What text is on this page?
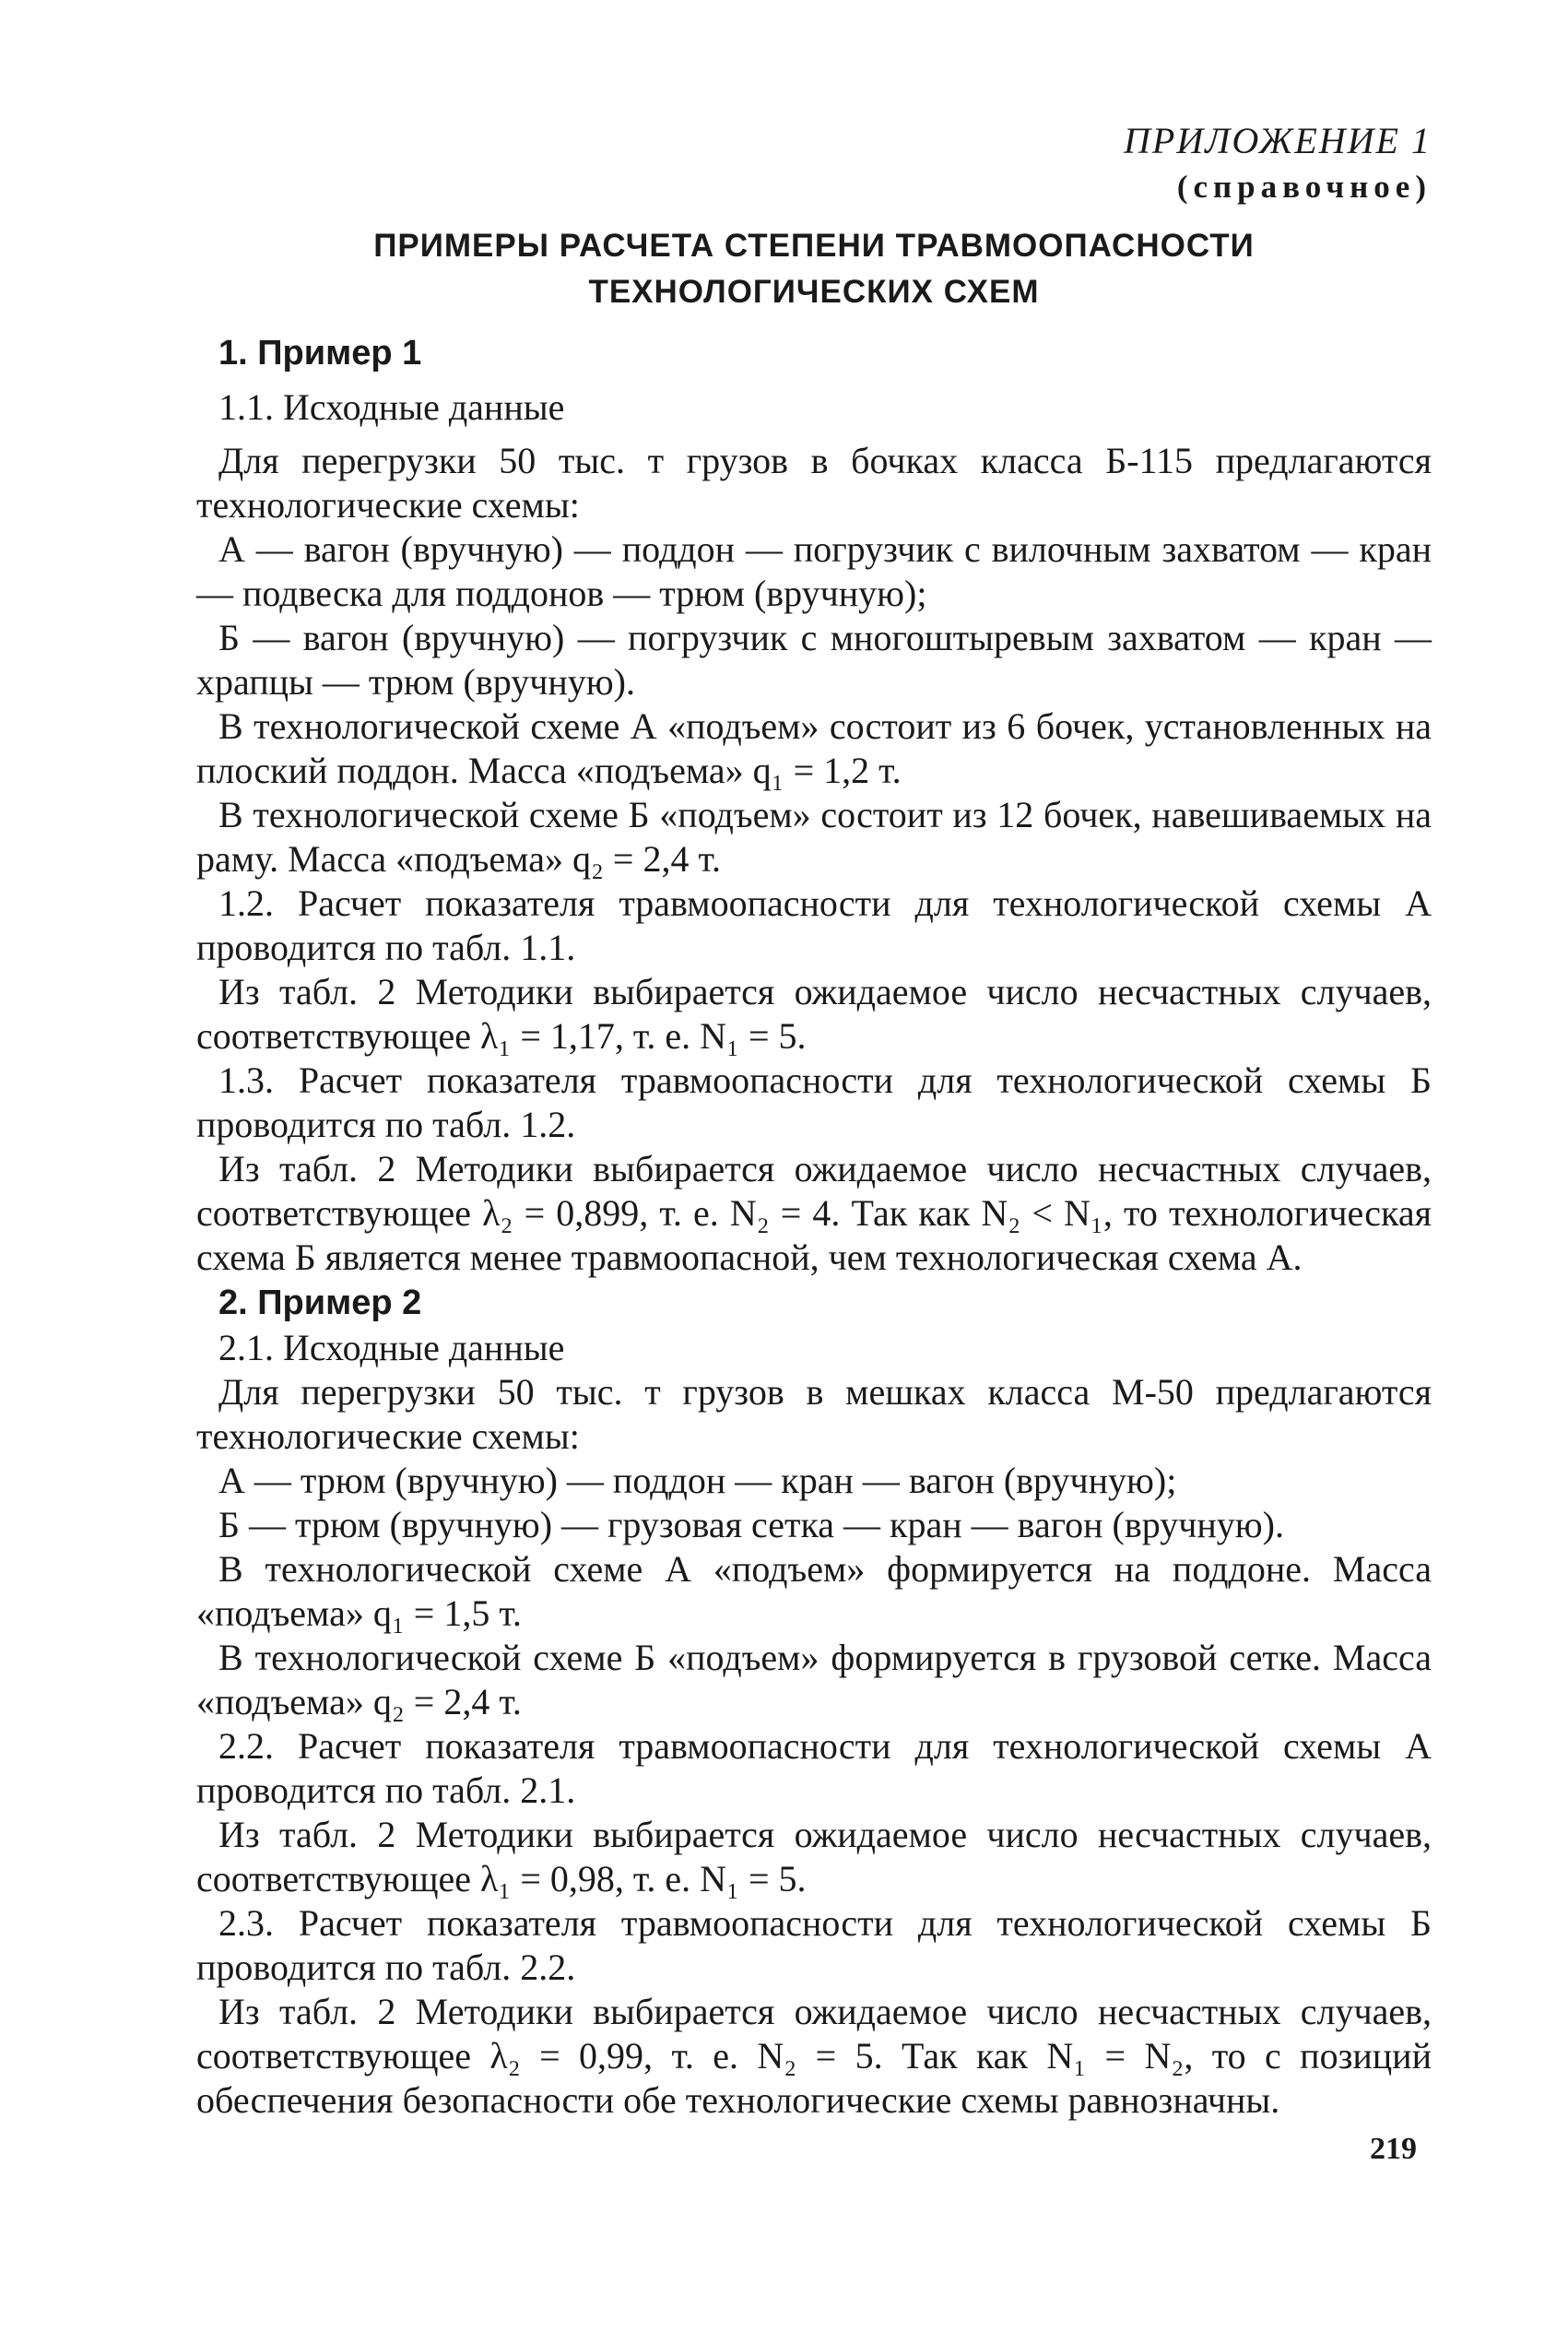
ПРИЛОЖЕНИЕ 1
(справочное)
ПРИМЕРЫ РАСЧЕТА СТЕПЕНИ ТРАВМООПАСНОСТИ
ТЕХНОЛОГИЧЕСКИХ СХЕМ
1. Пример 1

1.1. Исходные данные

Для перегрузки 50 тыс. т грузов в бочках класса Б-115 предлагаются технологические схемы:

А — вагон (вручную) — поддон — погрузчик с вилочным захватом — кран — подвеска для поддонов — трюм (вручную);

Б — вагон (вручную) — погрузчик с многоштыревым захватом — кран — храпцы — трюм (вручную).

В технологической схеме А «подъем» состоит из 6 бочек, установленных на плоский поддон. Масса «подъема» q₁ = 1,2 т.

В технологической схеме Б «подъем» состоит из 12 бочек, навешиваемых на раму. Масса «подъема» q₂ = 2,4 т.

1.2. Расчет показателя травмоопасности для технологической схемы А проводится по табл. 1.1.

Из табл. 2 Методики выбирается ожидаемое число несчастных случаев, соответствующее λ₁ = 1,17, т. е. N₁ = 5.

1.3. Расчет показателя травмоопасности для технологической схемы Б проводится по табл. 1.2.

Из табл. 2 Методики выбирается ожидаемое число несчастных случаев, соответствующее λ₂ = 0,899, т. е. N₂ = 4. Так как N₂ < N₁, то технологическая схема Б является менее травмоопасной, чем технологическая схема А.

2. Пример 2

2.1. Исходные данные

Для перегрузки 50 тыс. т грузов в мешках класса М-50 предлагаются технологические схемы:

А — трюм (вручную) — поддон — кран — вагон (вручную);

Б — трюм (вручную) — грузовая сетка — кран — вагон (вручную).

В технологической схеме А «подъем» формируется на поддоне. Масса «подъема» q₁ = 1,5 т.

В технологической схеме Б «подъем» формируется в грузовой сетке. Масса «подъема» q₂ = 2,4 т.

2.2. Расчет показателя травмоопасности для технологической схемы А проводится по табл. 2.1.

Из табл. 2 Методики выбирается ожидаемое число несчастных случаев, соответствующее λ₁ = 0,98, т. е. N₁ = 5.

2.3. Расчет показателя травмоопасности для технологической схемы Б проводится по табл. 2.2.

Из табл. 2 Методики выбирается ожидаемое число несчастных случаев, соответствующее λ₂ = 0,99, т. е. N₂ = 5. Так как N₁ = N₂, то с позиций обеспечения безопасности обе технологические схемы равнозначны.

219
